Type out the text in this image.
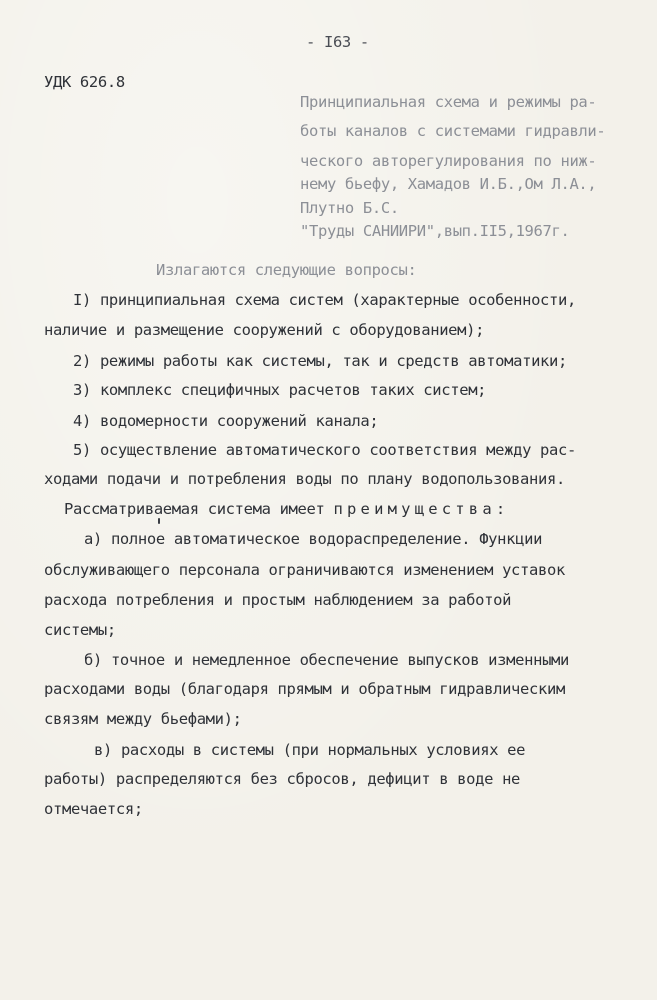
- I63 -
УДК 626.8
Принципиальная схема и режимы ра-
боты каналов с системами гидравли-
ческого авторегулирования по ниж-
нему бьефу, Хамадов И.Б.,Ом Л.А.,
Плутно Б.С.
"Труды САНИИРИ",вып.II5,1967г.
Излагаются следующие вопросы:
I) принципиальная схема систем (характерные особенности,
наличие и размещение сооружений с оборудованием);
2) режимы работы как системы, так и средств автоматики;
3) комплекс специфичных расчетов таких систем;
4) водомерности сооружений канала;
5) осуществление автоматического соответствия между рас-
ходами подачи и потребления воды по плану водопользования.
Рассматриваемая система имеет преимущества:
а) полное автоматическое водораспределение. Функции
обслуживающего персонала ограничиваются изменением уставок
расхода потребления и простым наблюдением за работой
системы;
б) точное и немедленное обеспечение выпусков изменными
расходами воды (благодаря прямым и обратным гидравлическим
связям между бьефами);
в) расходы в системы (при нормальных условиях ее
работы) распределяются без сбросов, дефицит в воде не
отмечается;
